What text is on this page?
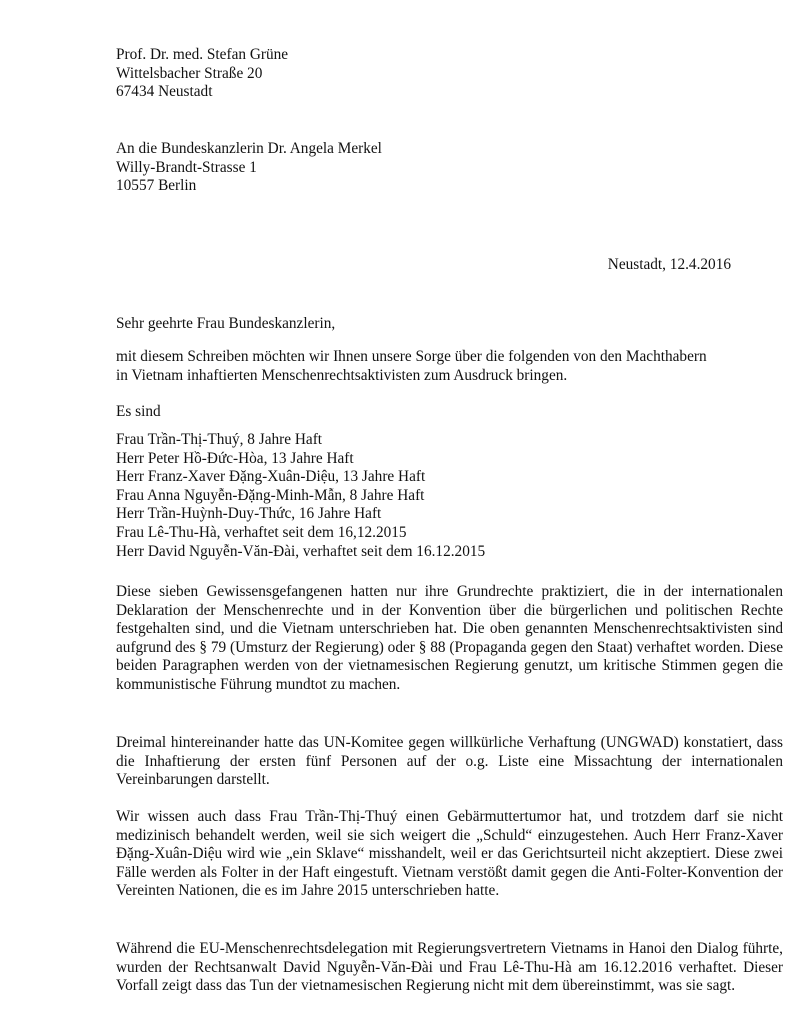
Prof. Dr. med. Stefan Grüne
Wittelsbacher Straße 20
67434 Neustadt
An die Bundeskanzlerin Dr. Angela Merkel
Willy-Brandt-Strasse 1
10557 Berlin
Neustadt, 12.4.2016
Sehr geehrte Frau Bundeskanzlerin,
mit diesem Schreiben möchten wir Ihnen unsere Sorge über die folgenden von den Machthabern
in Vietnam inhaftierten Menschenrechtsaktivisten zum Ausdruck bringen.
Es sind
Frau Trần-Thị-Thuý, 8 Jahre Haft
Herr Peter Hồ-Đức-Hòa, 13 Jahre Haft
Herr Franz-Xaver Đặng-Xuân-Diệu, 13 Jahre Haft
Frau Anna Nguyễn-Đặng-Minh-Mẫn, 8 Jahre Haft
Herr Trần-Huỳnh-Duy-Thức, 16 Jahre Haft
Frau Lê-Thu-Hà, verhaftet seit dem 16,12.2015
Herr David Nguyễn-Văn-Đài, verhaftet seit dem 16.12.2015
Diese sieben Gewissensgefangenen hatten nur ihre Grundrechte praktiziert, die in der internationalen Deklaration der Menschenrechte und in der Konvention über die bürgerlichen und politischen Rechte festgehalten sind, und die Vietnam unterschrieben hat. Die oben genannten Menschenrechtsaktivisten sind aufgrund des § 79 (Umsturz der Regierung) oder § 88 (Propaganda gegen den Staat) verhaftet worden. Diese beiden Paragraphen werden von der vietnamesischen Regierung genutzt, um kritische Stimmen gegen die kommunistische Führung mundtot zu machen.
Dreimal hintereinander hatte das UN-Komitee gegen willkürliche Verhaftung (UNGWAD) konstatiert, dass die Inhaftierung der ersten fünf Personen auf der o.g. Liste eine Missachtung der internationalen Vereinbarungen darstellt.
Wir wissen auch dass Frau Trần-Thị-Thuý einen Gebärmuttertumor hat, und trotzdem darf sie nicht medizinisch behandelt werden, weil sie sich weigert die „Schuld“ einzugestehen. Auch Herr Franz-Xaver Đặng-Xuân-Diệu wird wie „ein Sklave“ misshandelt, weil er das Gerichtsurteil nicht akzeptiert. Diese zwei Fälle werden als Folter in der Haft eingestuft. Vietnam verstößt damit gegen die Anti-Folter-Konvention der Vereinten Nationen, die es im Jahre 2015 unterschrieben hatte.
Während die EU-Menschenrechtsdelegation mit Regierungsvertretern Vietnams in Hanoi den Dialog führte, wurden der Rechtsanwalt David Nguyễn-Văn-Đài und Frau Lê-Thu-Hà am 16.12.2016 verhaftet. Dieser Vorfall zeigt dass das Tun der vietnamesischen Regierung nicht mit dem übereinstimmt, was sie sagt.
